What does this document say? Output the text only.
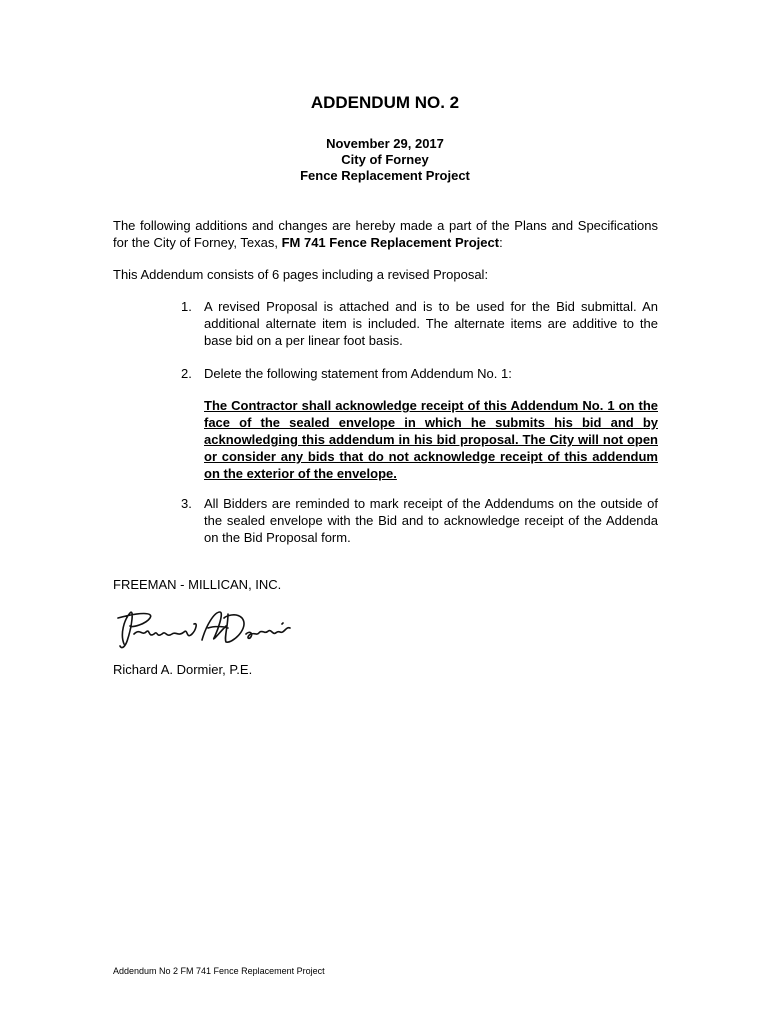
ADDENDUM NO. 2
November 29, 2017
City of Forney
Fence Replacement Project
The following additions and changes are hereby made a part of the Plans and Specifications for the City of Forney, Texas, FM 741 Fence Replacement Project:
This Addendum consists of 6 pages including a revised Proposal:
1. A revised Proposal is attached and is to be used for the Bid submittal. An additional alternate item is included. The alternate items are additive to the base bid on a per linear foot basis.
2. Delete the following statement from Addendum No. 1:
The Contractor shall acknowledge receipt of this Addendum No. 1 on the face of the sealed envelope in which he submits his bid and by acknowledging this addendum in his bid proposal. The City will not open or consider any bids that do not acknowledge receipt of this addendum on the exterior of the envelope.
3. All Bidders are reminded to mark receipt of the Addendums on the outside of the sealed envelope with the Bid and to acknowledge receipt of the Addenda on the Bid Proposal form.
FREEMAN - MILLICAN, INC.
Richard A. Dormier, P.E.
Addendum No 2 FM 741 Fence Replacement Project
